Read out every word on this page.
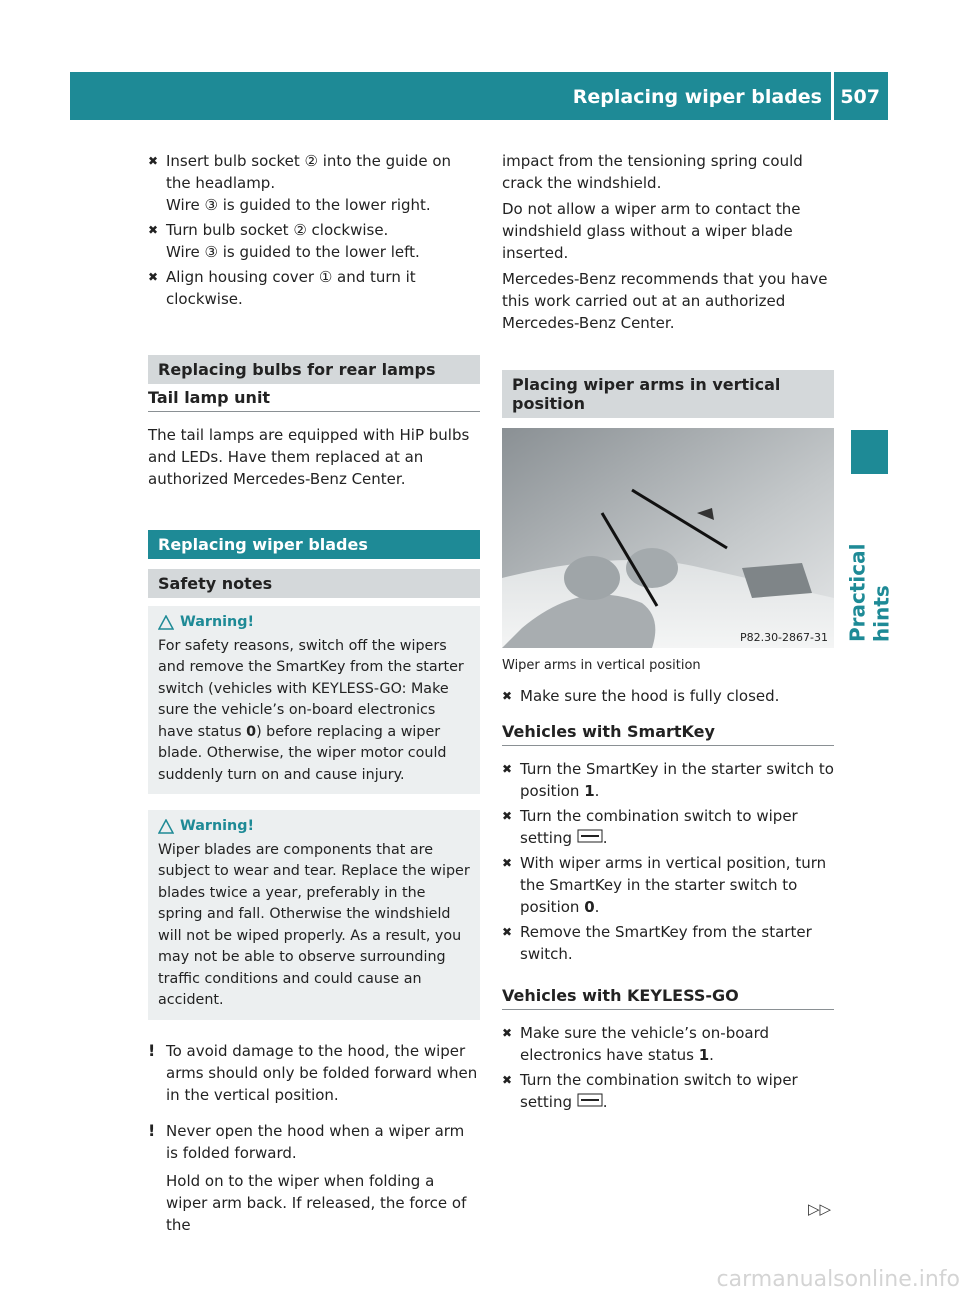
Replacing wiper blades 507
Practical hints
✖ Insert bulb socket ② into the guide on the headlamp.
Wire ③ is guided to the lower right.
✖ Turn bulb socket ② clockwise.
Wire ③ is guided to the lower left.
✖ Align housing cover ① and turn it clockwise.
Replacing bulbs for rear lamps
Tail lamp unit
The tail lamps are equipped with HiP bulbs and LEDs. Have them replaced at an authorized Mercedes-Benz Center.
Replacing wiper blades
Safety notes
Warning!
For safety reasons, switch off the wipers and remove the SmartKey from the starter switch (vehicles with KEYLESS-GO: Make sure the vehicle’s on-board electronics have status 0) before replacing a wiper blade. Otherwise, the wiper motor could suddenly turn on and cause injury.
Warning!
Wiper blades are components that are subject to wear and tear. Replace the wiper blades twice a year, preferably in the spring and fall. Otherwise the windshield will not be wiped properly. As a result, you may not be able to observe surrounding traffic conditions and could cause an accident.
! To avoid damage to the hood, the wiper arms should only be folded forward when in the vertical position.
! Never open the hood when a wiper arm is folded forward.
Hold on to the wiper when folding a wiper arm back. If released, the force of the
impact from the tensioning spring could crack the windshield.
Do not allow a wiper arm to contact the windshield glass without a wiper blade inserted.
Mercedes-Benz recommends that you have this work carried out at an authorized Mercedes-Benz Center.
Placing wiper arms in vertical position
P82.30-2867-31
Wiper arms in vertical position
✖ Make sure the hood is fully closed.
Vehicles with SmartKey
✖ Turn the SmartKey in the starter switch to position 1.
✖ Turn the combination switch to wiper setting .
✖ With wiper arms in vertical position, turn the SmartKey in the starter switch to position 0.
✖ Remove the SmartKey from the starter switch.
Vehicles with KEYLESS-GO
✖ Make sure the vehicle’s on-board electronics have status 1.
✖ Turn the combination switch to wiper setting .
▷▷
carmanualsonline.info
